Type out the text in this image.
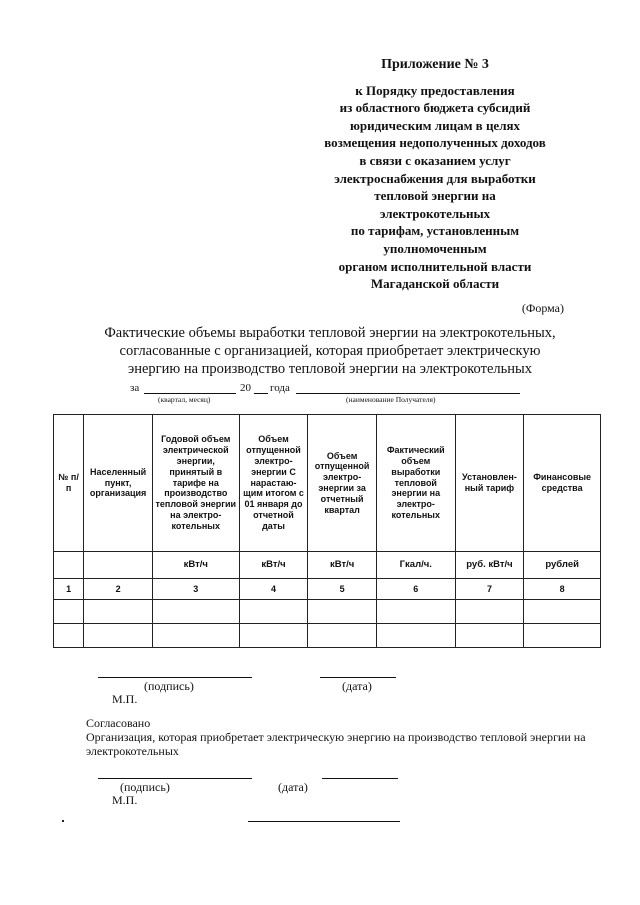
Приложение № 3
к Порядку предоставления
из областного бюджета субсидий
юридическим лицам в целях
возмещения недополученных доходов
в связи с оказанием услуг
электроснабжения для выработки
тепловой энергии на
электрокотельных
по тарифам, установленным
уполномоченным
органом исполнительной власти
Магаданской области
(Форма)
Фактические объемы выработки тепловой энергии на электрокотельных,
согласованные с организацией, которая приобретает электрическую
энергию на производство тепловой энергии на электрокотельных
за	20 года
(квартал, месяц)	(наименование Получателя)
№ п/п	Населенный пункт, организация	Годовой объем электрической энергии, принятый в тарифе на производство тепловой энергии на электро-котельных	Объем отпущенной электро-энергии С нарастаю-щим итогом с 01 января до отчетной даты	Объем отпущенной электро-энергии за отчетный квартал	Фактический объем выработки тепловой энергии на электро-котельных	Установлен-ный тариф	Финансовые средства
		кВт/ч	кВт/ч	кВт/ч	Гкал/ч.	руб. кВт/ч	рублей
1	2	3	4	5	6	7	8

(подпись)	(дата)
М.П.
Согласовано
Организация, которая приобретает электрическую энергию на производство тепловой энергии на электрокотельных
(подпись)	(дата)
М.П.
